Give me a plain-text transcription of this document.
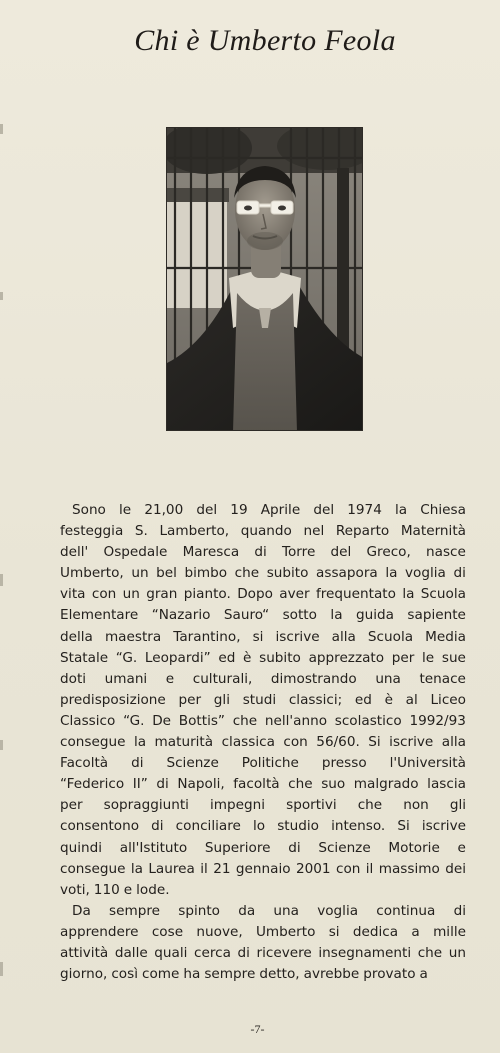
Chi è Umberto Feola
Sono le 21,00 del 19 Aprile del 1974 la Chiesa
festeggia S. Lamberto, quando nel Reparto Maternità
dell' Ospedale Maresca di Torre del Greco, nasce
Umberto, un bel bimbo che subito assapora la voglia di
vita con un gran pianto. Dopo aver frequentato la Scuola
Elementare “Nazario Sauro“ sotto la guida sapiente
della maestra Tarantino, si iscrive alla Scuola Media
Statale “G. Leopardi” ed è subito apprezzato per le sue
doti umani e culturali, dimostrando una tenace
predisposizione per gli studi classici; ed è al Liceo
Classico “G. De Bottis” che nell'anno scolastico 1992/93
consegue la maturità classica con 56/60. Si iscrive alla
Facoltà di Scienze Politiche presso l'Università
“Federico II” di Napoli, facoltà che suo malgrado lascia
per sopraggiunti impegni sportivi che non gli
consentono di conciliare lo studio intenso. Si iscrive
quindi all'Istituto Superiore di Scienze Motorie e
consegue la Laurea il 21 gennaio 2001 con il massimo dei
voti, 110 e lode.
Da sempre spinto da una voglia continua di
apprendere cose nuove, Umberto si dedica a mille
attività dalle quali cerca di ricevere insegnamenti che un
giorno, così come ha sempre detto, avrebbe provato a
-7-
